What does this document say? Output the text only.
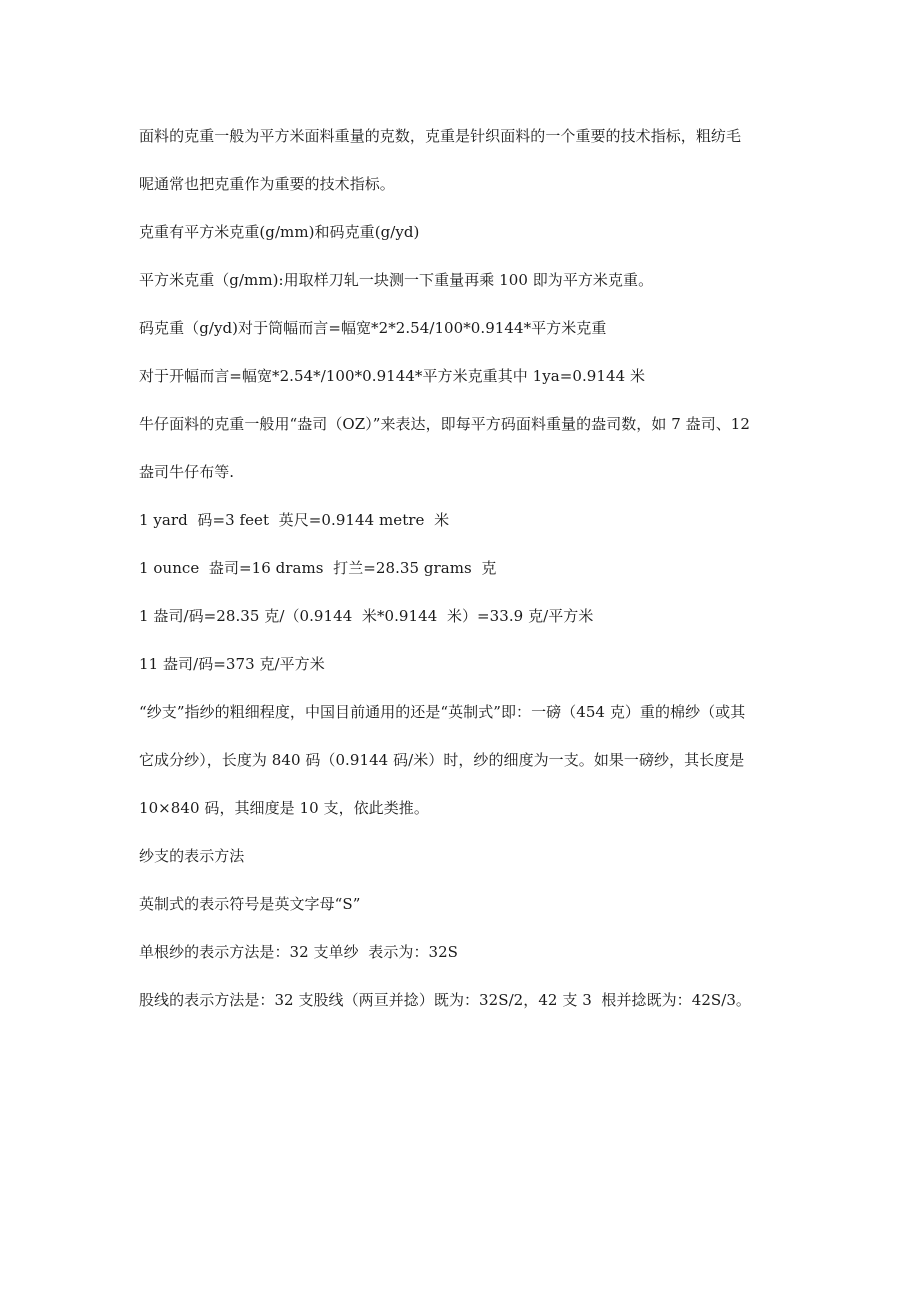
面料的克重一般为平方米面料重量的克数，克重是针织面料的一个重要的技术指标，粗纺毛

呢通常也把克重作为重要的技术指标。

克重有平方米克重(g/mm)和码克重(g/yd)

平方米克重（g/mm):用取样刀轧一块测一下重量再乘 100 即为平方米克重。

码克重（g/yd)对于筒幅而言=幅宽*2*2.54/100*0.9144*平方米克重

对于开幅而言=幅宽*2.54*/100*0.9144*平方米克重其中 1ya=0.9144 米

牛仔面料的克重一般用“盎司（OZ）”来表达，即每平方码面料重量的盎司数，如 7 盎司、12

盎司牛仔布等.

1 yard  码=3 feet  英尺=0.9144 metre  米

1 ounce  盎司=16 drams  打兰=28.35 grams  克

1 盎司/码=28.35 克/（0.9144  米*0.9144  米）=33.9 克/平方米

11 盎司/码=373 克/平方米

“纱支”指纱的粗细程度，中国目前通用的还是“英制式”即：一磅（454 克）重的棉纱（或其

它成分纱），长度为 840 码（0.9144 码/米）时，纱的细度为一支。如果一磅纱，其长度是

10×840 码，其细度是 10 支，依此类推。

纱支的表示方法

英制式的表示符号是英文字母“S”

单根纱的表示方法是：32 支单纱  表示为：32S

股线的表示方法是：32 支股线（两亘并捻）既为：32S/2，42 支 3  根并捻既为：42S/3。
